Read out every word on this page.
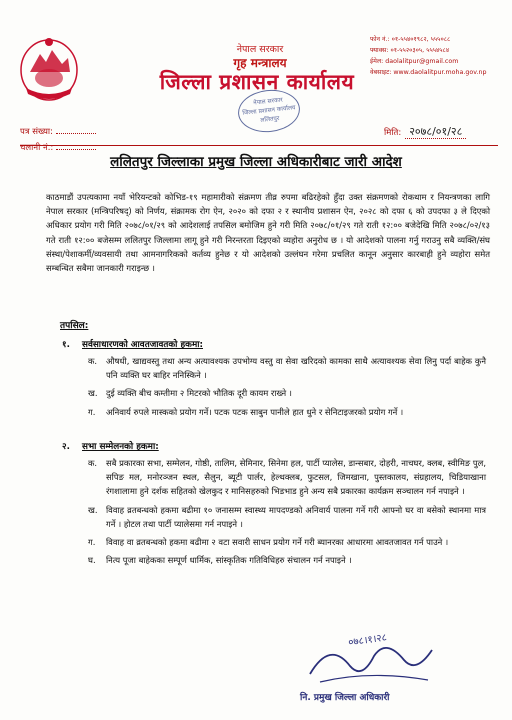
नेपाल सरकार
गृह मन्त्रालय
जिल्ला प्रशासन कार्यालय
फोन नं.: ०१-५५४०१९८२, ५५५०८८
फ्याक्स: ०१-५५२०३०५, ५५५४५८४
ईमेल: daolalitpur@gmail.com
वेबसाइट: www.daolalitpur.moha.gov.np
नेपाल सरकार
जिल्ला प्रशासन कार्यालय
ललितपुर
पत्र संख्या:
चलानी नं.:
मिति: २०७८/०१/२८
ललितपुर जिल्लाका प्रमुख जिल्ला अधिकारीबाट जारी आदेश
काठमाडौं उपत्यकामा नयाँ भेरियन्टको कोभिड-१९ महामारीको संक्रमण तीव्र रुपमा बढिरहेको हुँदा उक्त संक्रमणको रोकथाम र नियन्त्रणका लागि नेपाल सरकार (मन्त्रिपरिषद्) को निर्णय, संक्रामक रोग ऐन, २०२० को दफा २ र स्थानीय प्रशासन ऐन, २०२८ को दफा ६ को उपदफा ३ ले दिएको अधिकार प्रयोग गरी मिति २०७८/०१/२९ को आदेशलाई तपसिल बमोजिम हुने गरी मिति २०७८/०१/२९ गते राती १२:०० बजेदेखि मिति २०७८/०२/१३ गते राती १२:०० बजेसम्म ललितपुर जिल्लामा लागू हुने गरी निरन्तरता दिइएको व्यहोरा अनुरोध छ । यो आदेशको पालना गर्नु गराउनु सबै व्यक्ति/संघ संस्था/पेशाकर्मी/व्यवसायी तथा आमनागरिकको कर्तव्य हुनेछ र यो आदेशको उल्लंघन गरेमा प्रचलित कानून अनुसार कारबाही हुने व्यहोरा समेत सम्बन्धित सबैमा जानकारी गराइन्छ ।
तपसिल:
१. सर्वसाधारणको आवतजावतको हकमा:
क.	औषधी, खाद्यवस्तु तथा अन्य अत्यावश्यक उपभोग्य वस्तु वा सेवा खरिदको कामका साथै अत्यावश्यक सेवा लिनु पर्दा बाहेक कुनै पनि व्यक्ति घर बाहिर ननिस्किने ।
ख.	दुई व्यक्ति बीच कम्तीमा २ मिटरको भौतिक दूरी कायम राख्ने ।
ग.	अनिवार्य रुपले मास्कको प्रयोग गर्ने। पटक पटक साबुन पानीले हात धुने र सेनिटाइजरको प्रयोग गर्ने ।
२. सभा सम्मेलनको हकमा:
क.	सबै प्रकारका सभा, सम्मेलन, गोष्ठी, तालिम, सेमिनार, सिनेमा हल, पार्टी प्यालेस, डान्सबार, दोहरी, नाचघर, क्लब, स्वीमिङ पुल, सपिङ मल, मनोरञ्जन स्थल, सैलुन, ब्यूटी पार्लर, हेल्थक्लब, फुटसल, जिमखाना, पुस्तकालय, संग्रहालय, चिडियाखाना रंगशालामा हुने दर्शक सहितको खेलकुद र मानिसहरुको भिडभाड हुने अन्य सबै प्रकारका कार्यक्रम सञ्चालन गर्न नपाइने ।
ख.	विवाह व्रतबन्धको हकमा बढीमा १० जनासम्म स्वास्थ्य मापदण्डको अनिवार्य पालना गर्ने गरी आफ्नो घर वा बसेको स्थानमा मात्र गर्ने । होटल तथा पार्टी प्यालेसमा गर्न नपाइने ।
ग.	विवाह वा व्रतबन्धको हकमा बढीमा २ वटा सवारी साधन प्रयोग गर्ने गरी ब्यानरका आधारमा आवतजावत गर्न पाउने ।
घ.	नित्य पूजा बाहेकका सम्पूर्ण धार्मिक, सांस्कृतिक गतिविधिहरु संचालन गर्न नपाइने ।
०७८।१।२८
नि. प्रमुख जिल्ला अधिकारी
